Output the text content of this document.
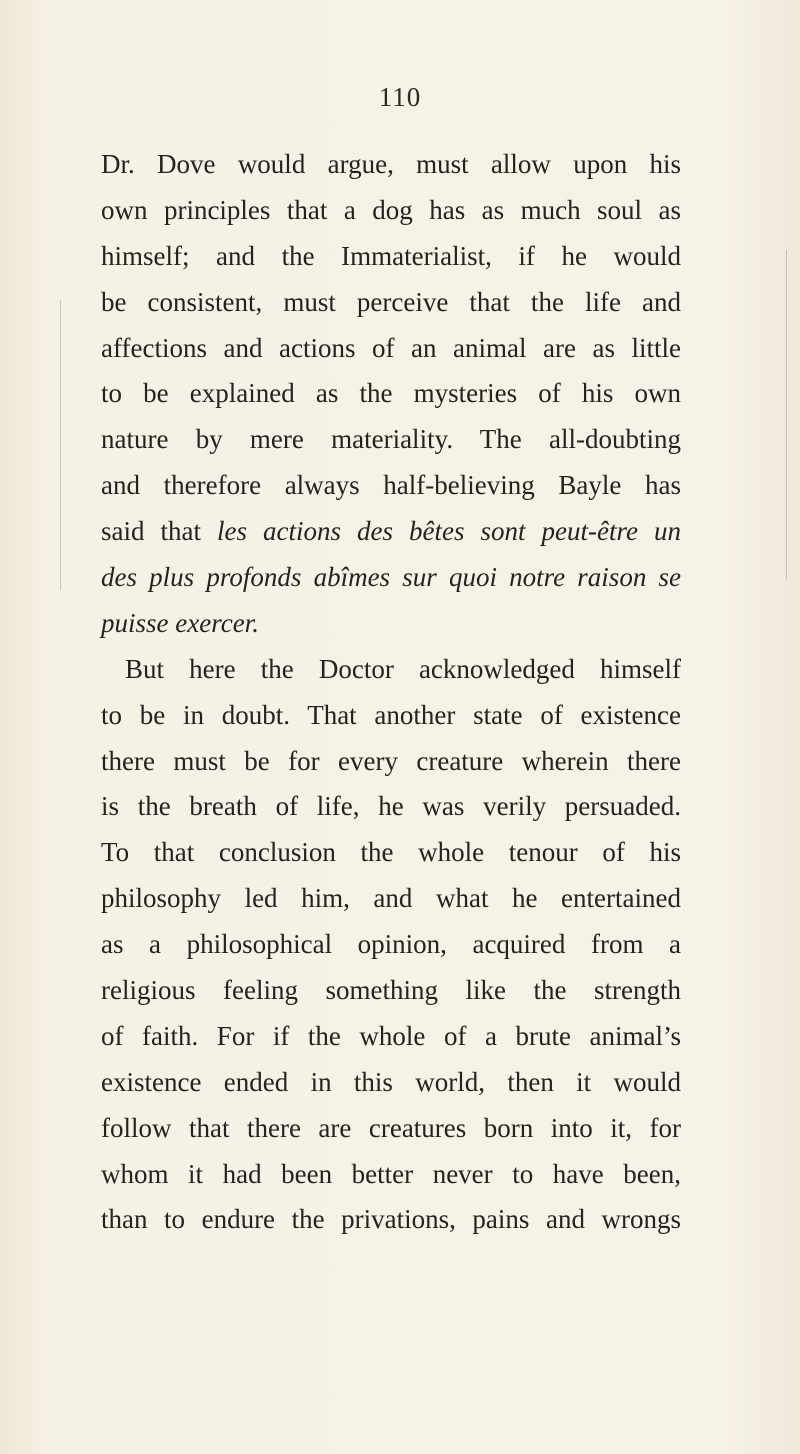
110
Dr. Dove would argue, must allow upon his
own principles that a dog has as much soul as
himself; and the Immaterialist, if he would
be consistent, must perceive that the life and
affections and actions of an animal are as little
to be explained as the mysteries of his own
nature by mere materiality. The all-doubting
and therefore always half-believing Bayle has
said that les actions des bêtes sont peut-être un
des plus profonds abîmes sur quoi notre raison se
puisse exercer.
But here the Doctor acknowledged himself
to be in doubt. That another state of existence
there must be for every creature wherein there
is the breath of life, he was verily persuaded.
To that conclusion the whole tenour of his
philosophy led him, and what he entertained
as a philosophical opinion, acquired from a
religious feeling something like the strength
of faith. For if the whole of a brute animal’s
existence ended in this world, then it would
follow that there are creatures born into it, for
whom it had been better never to have been,
than to endure the privations, pains and wrongs
